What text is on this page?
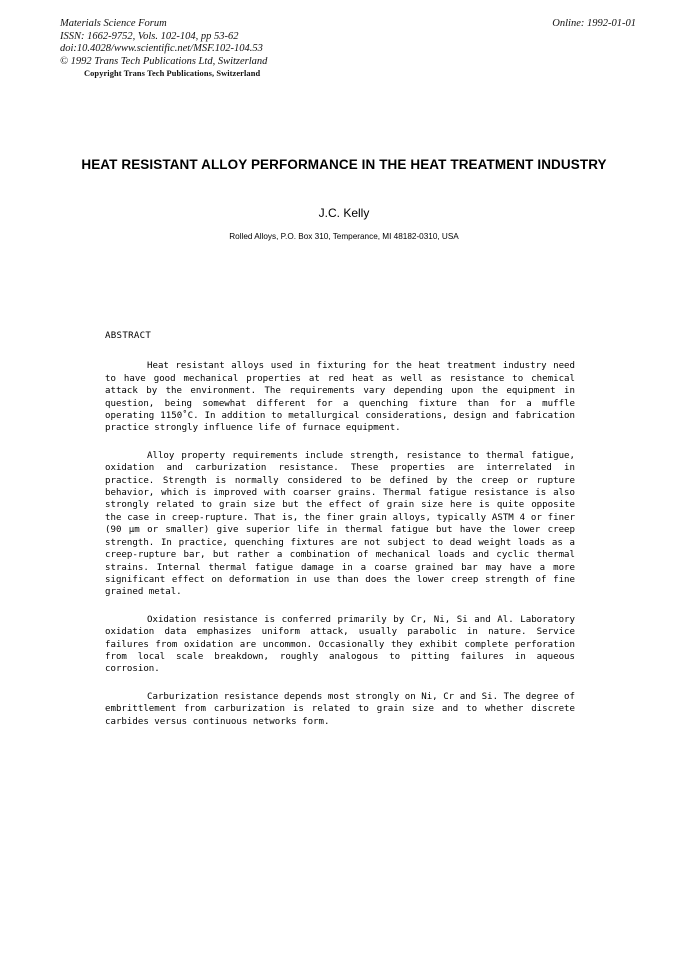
Online: 1992-01-01
Materials Science Forum
ISSN: 1662-9752, Vols. 102-104, pp 53-62
doi:10.4028/www.scientific.net/MSF.102-104.53
© 1992 Trans Tech Publications Ltd, Switzerland
Copyright Trans Tech Publications, Switzerland
HEAT RESISTANT ALLOY PERFORMANCE IN THE HEAT TREATMENT INDUSTRY
J.C. Kelly
Rolled Alloys, P.O. Box 310, Temperance, MI 48182-0310, USA
ABSTRACT

Heat resistant alloys used in fixturing for the heat treatment industry need to have good mechanical properties at red heat as well as resistance to chemical attack by the environment. The requirements vary depending upon the equipment in question, being somewhat different for a quenching fixture than for a muffle operating 1150˚C. In addition to metallurgical considerations, design and fabrication practice strongly influence life of furnace equipment.

Alloy property requirements include strength, resistance to thermal fatigue, oxidation and carburization resistance. These properties are interrelated in practice. Strength is normally considered to be defined by the creep or rupture behavior, which is improved with coarser grains. Thermal fatigue resistance is also strongly related to grain size but the effect of grain size here is quite opposite the case in creep-rupture. That is, the finer grain alloys, typically ASTM 4 or finer (90 µm or smaller) give superior life in thermal fatigue but have the lower creep strength. In practice, quenching fixtures are not subject to dead weight loads as a creep-rupture bar, but rather a combination of mechanical loads and cyclic thermal strains. Internal thermal fatigue damage in a coarse grained bar may have a more significant effect on deformation in use than does the lower creep strength of fine grained metal.

Oxidation resistance is conferred primarily by Cr, Ni, Si and Al. Laboratory oxidation data emphasizes uniform attack, usually parabolic in nature. Service failures from oxidation are uncommon. Occasionally they exhibit complete perforation from local scale breakdown, roughly analogous to pitting failures in aqueous corrosion.

Carburization resistance depends most strongly on Ni, Cr and Si. The degree of embrittlement from carburization is related to grain size and to whether discrete carbides versus continuous networks form.
